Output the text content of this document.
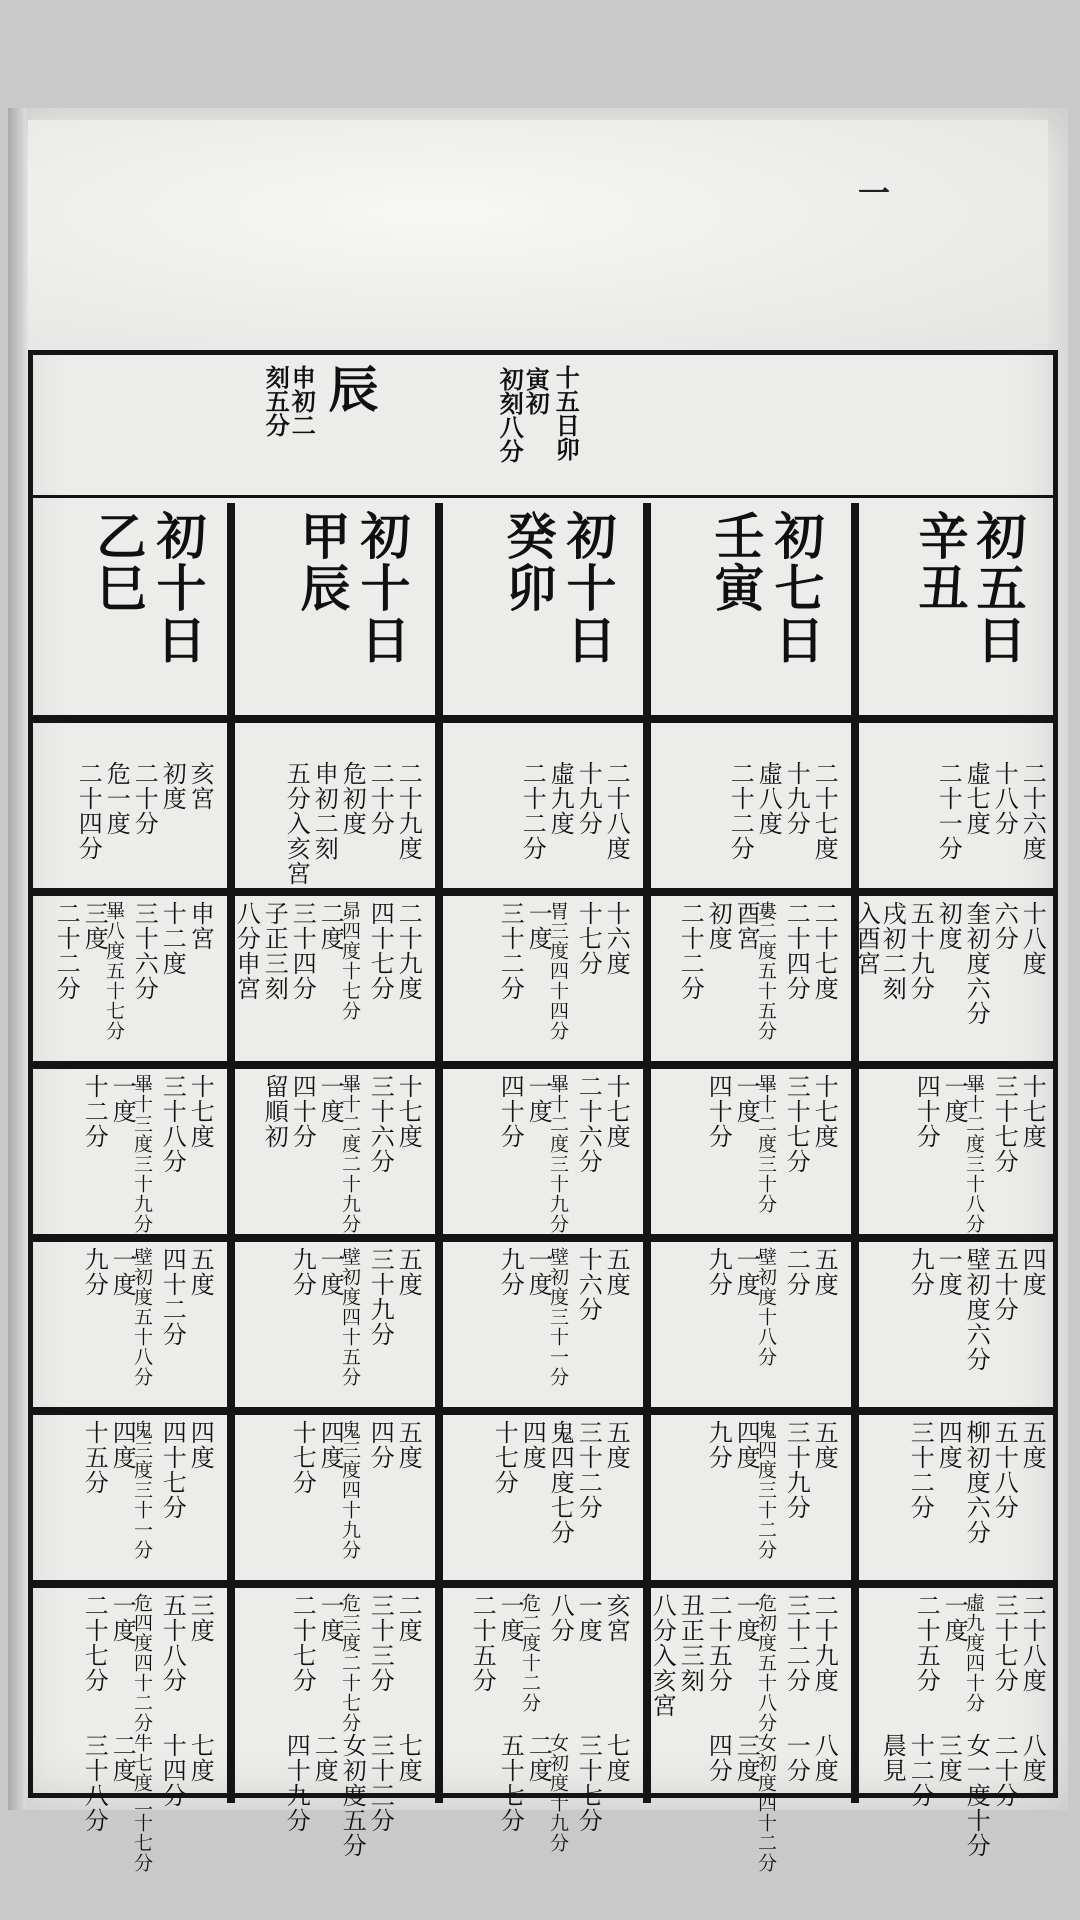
一
辰
申初二
刻五分	十五日卯
寅初
初刻八分
初五日
辛丑
初七日
壬寅
初十日
癸卯
初十日
甲辰
初十日
乙巳
二十六度
十八分
虛七度
二十一分
二十七度
十九分
虛八度
二十二分
二十八度
十九分
虛九度
二十二分
二十九度
二十分
危初度
申初二刻
五分入亥宮
亥宮
初度
二十分
危一度
二十四分
十八度
六分
奎初度六分
初度
五十九分
戌初二刻
入酉宮
二十七度
二十四分
婁二度五十五分
酉宮
初度
二十二分
十六度
十七分
胃三度四十四分
一度
三十二分
二十九度
四十七分
昴四度十七分
二度
三十四分
子正三刻
八分申宮
申宮
十二度
三十六分
畢八度五十七分
三度
二十二分
十七度
三十七分
畢十二度三十八分
一度
四十分
十七度
三十七分
畢十二度三十分
一度
四十分
十七度
二十六分
畢十二度三十九分
一度
四十分
十七度
三十六分
畢十二度二十九分
一度
四十分
留順初
十七度
三十八分
畢十三度三十九分
一度
十二分
四度
五十分
壁初度六分
一度
九分
五度
二分
壁初度十八分
一度
九分
五度
十六分
壁初度三十一分
一度
九分
五度
三十九分
壁初度四十五分
一度
九分
五度
四十二分
壁初度五十八分
一度
九分
五度
五十八分
柳初度六分
四度
三十二分
五度
三十九分
鬼四度三十二分
四度
九分
五度
三十二分
鬼四度七分
四度
十七分
五度
四分
鬼三度四十九分
四度
十七分
四度
四十七分
鬼三度三十一分
四度
十五分
二十八度
三十七分
虛九度四十分
一度
二十五分
二十九度
三十二分
危初度五十八分
一度
二十五分
丑正三刻
八分入亥宮
亥宮
一度
八分
危二度十二分
一度
二十五分
二度
三十三分
危三度二十七分
一度
二十七分
三度
五十八分
危四度四十二分
一度
二十七分
八度
二十分
女一度十分
三度
十二分
晨見
八度
一分
女初度四十二分
三度
四分
七度
三十七分
女初度十九分
二度
五十七分
七度
三十三分
女初度五分
二度
四十九分
七度
十四分
牛七度二十七分
二度
三十八分
